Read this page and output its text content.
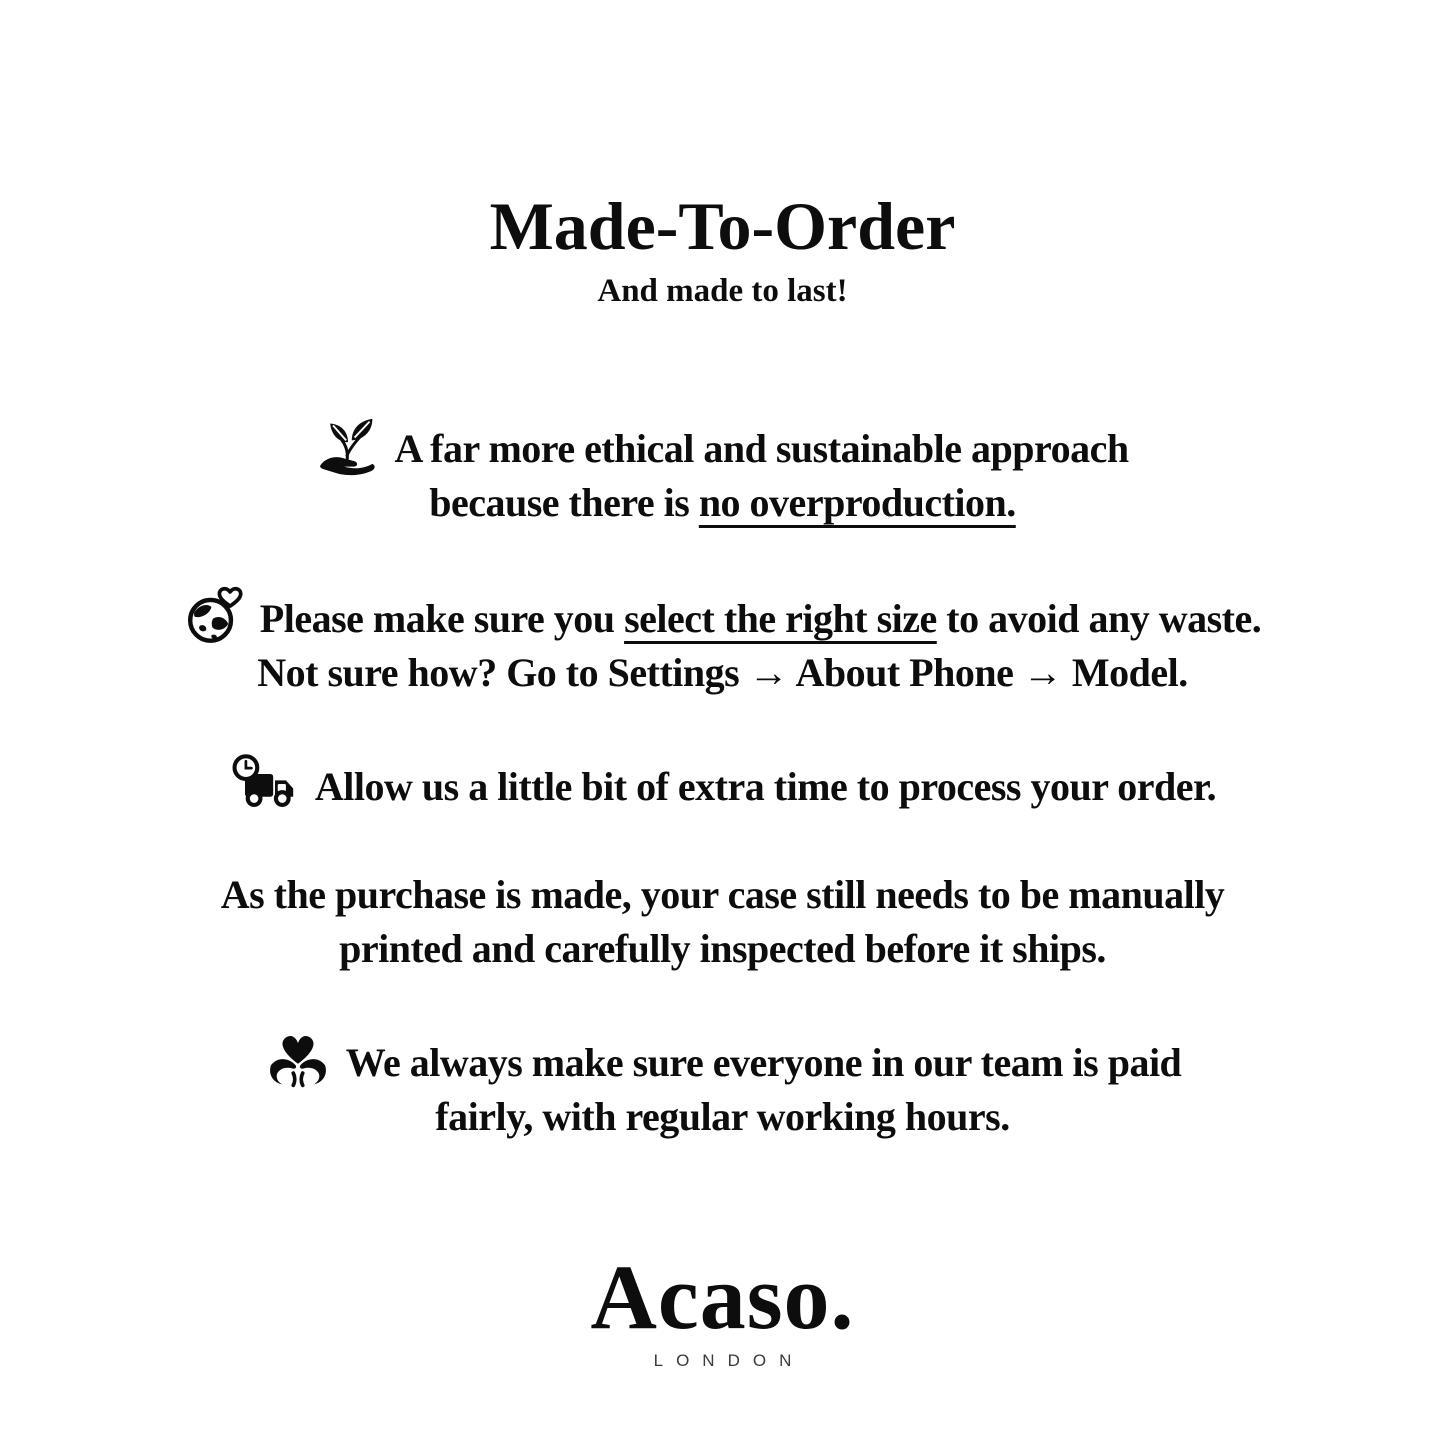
Made-To-Order

And made to last!

A far more ethical and sustainable approach
because there is no overproduction.

Please make sure you select the right size to avoid any waste.
Not sure how? Go to Settings → About Phone → Model.

Allow us a little bit of extra time to process your order.

As the purchase is made, your case still needs to be manually
printed and carefully inspected before it ships.

We always make sure everyone in our team is paid
fairly, with regular working hours.

Acaso.
LONDON
